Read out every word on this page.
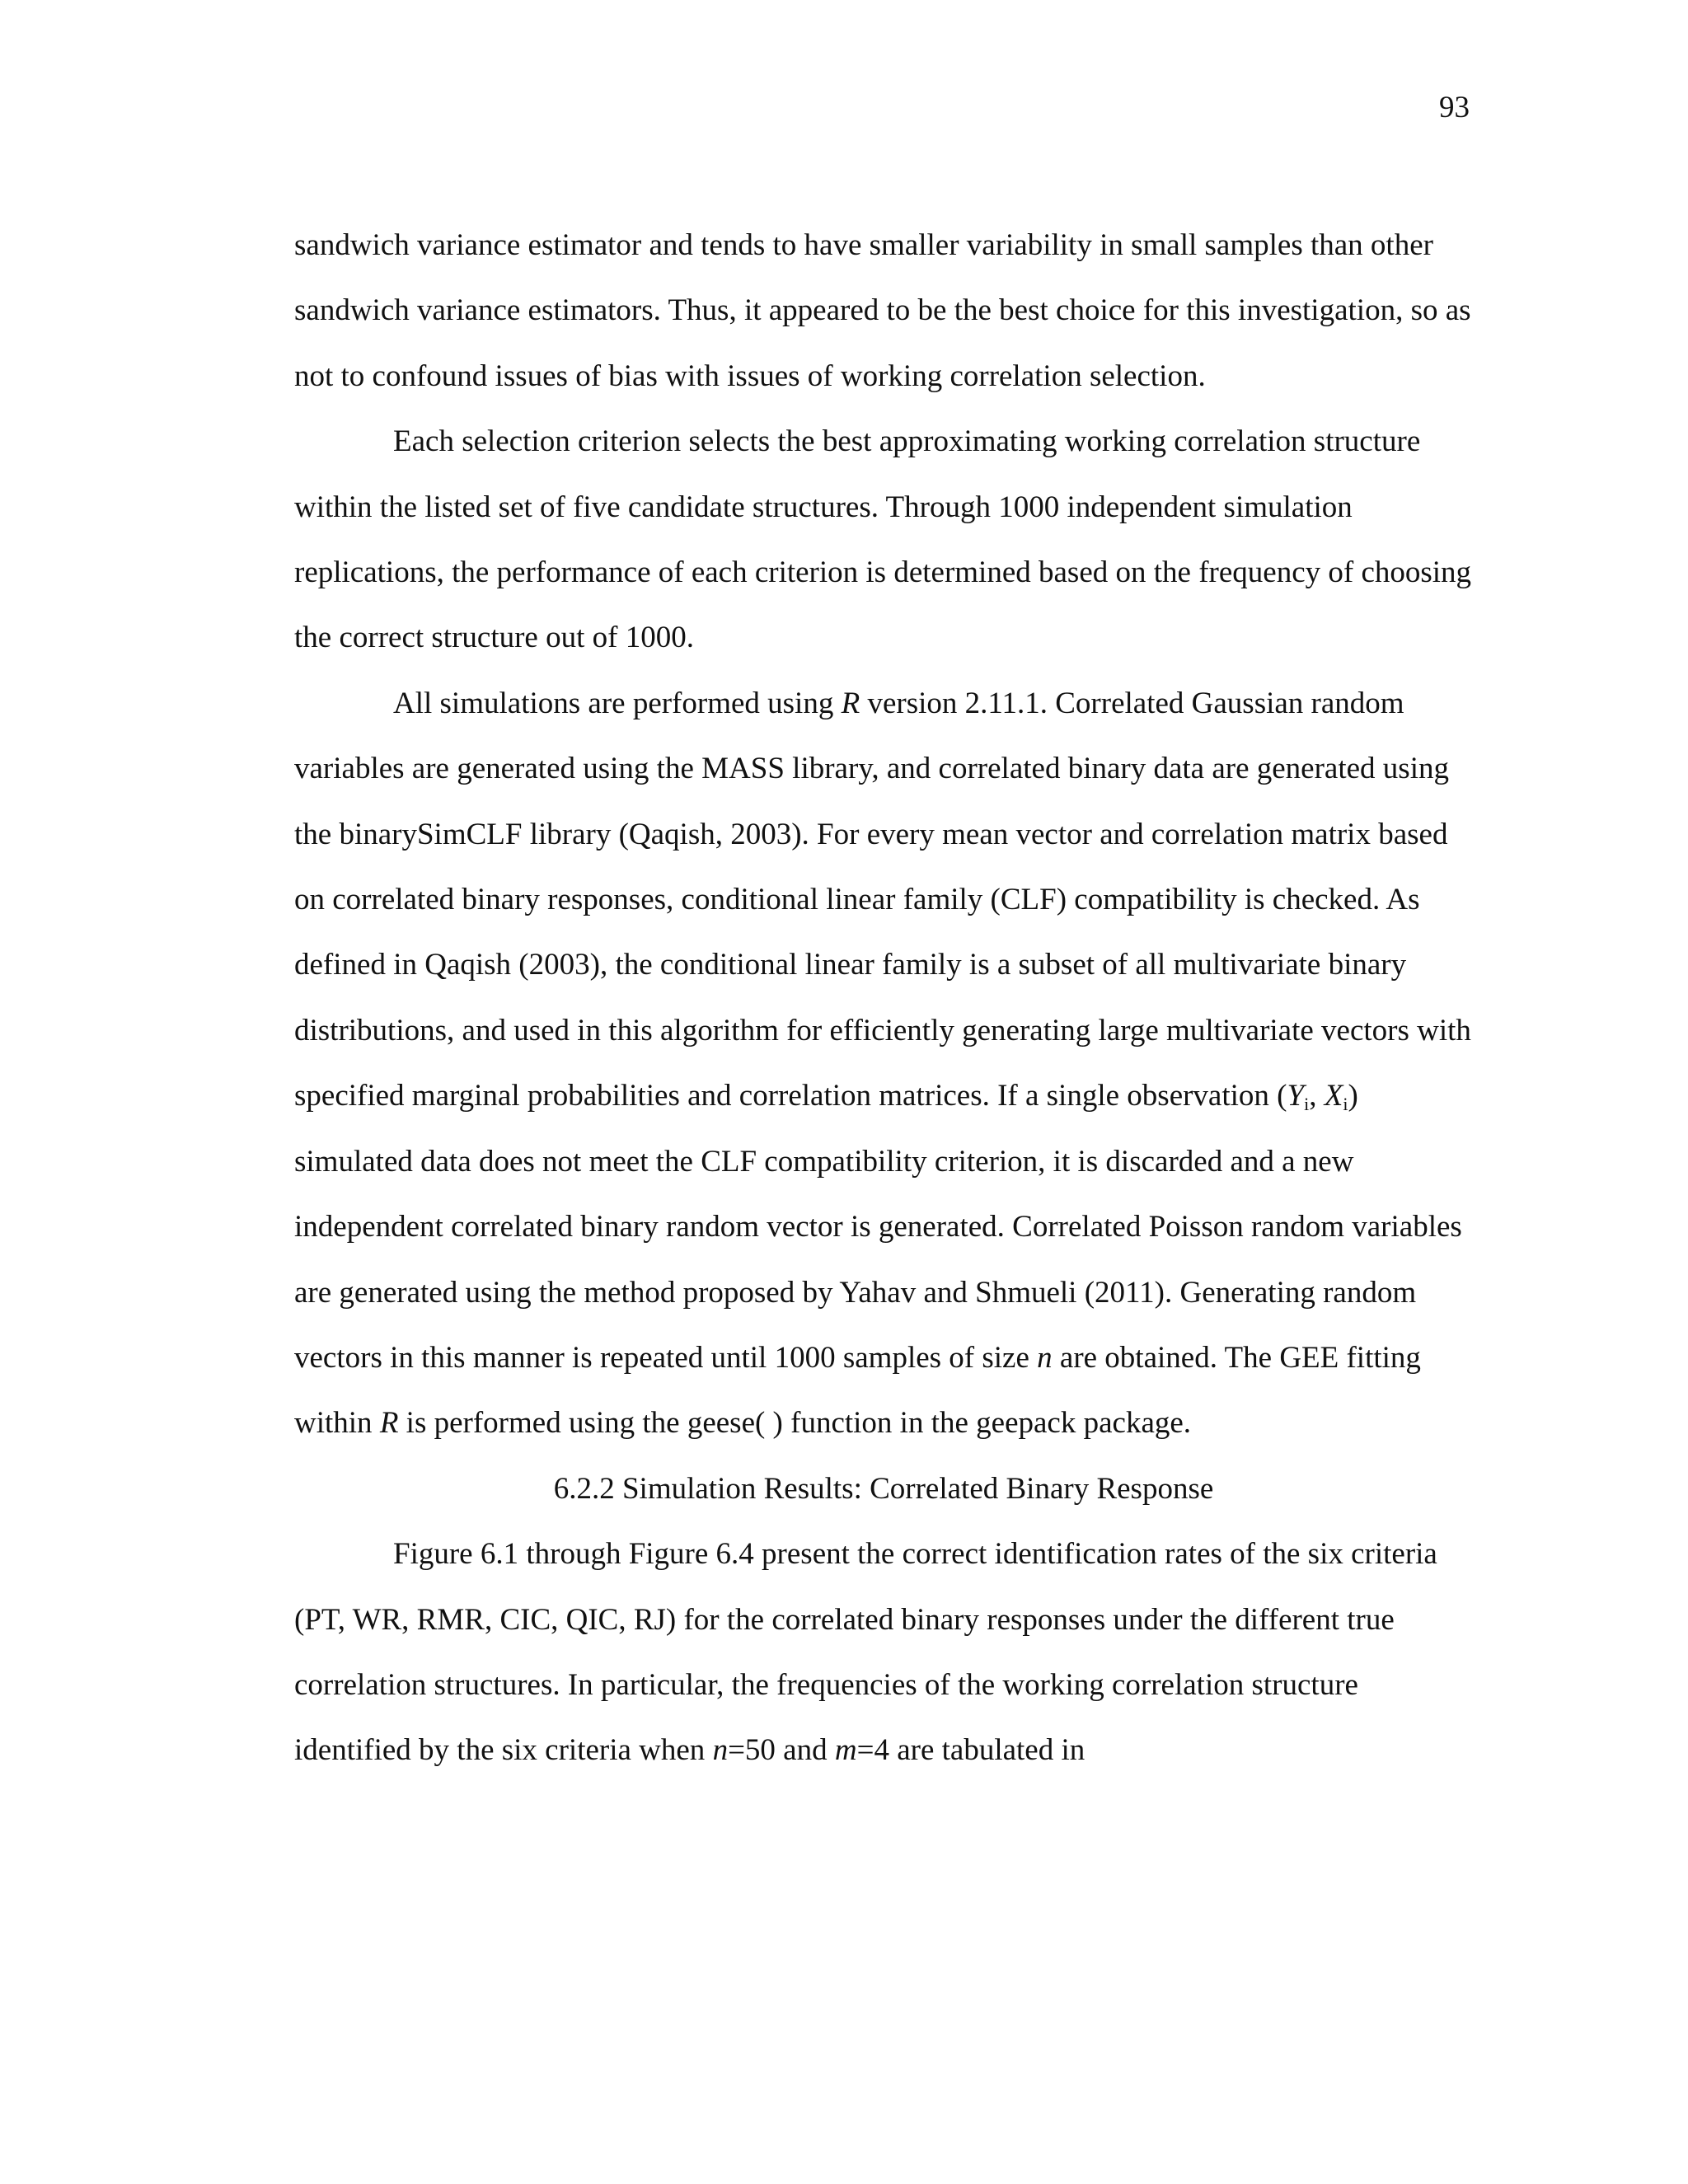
93

sandwich variance estimator and tends to have smaller variability in small samples than other sandwich variance estimators. Thus, it appeared to be the best choice for this investigation, so as not to confound issues of bias with issues of working correlation selection.

Each selection criterion selects the best approximating working correlation structure within the listed set of five candidate structures. Through 1000 independent simulation replications, the performance of each criterion is determined based on the frequency of choosing the correct structure out of 1000.

All simulations are performed using R version 2.11.1. Correlated Gaussian random variables are generated using the MASS library, and correlated binary data are generated using the binarySimCLF library (Qaqish, 2003). For every mean vector and correlation matrix based on correlated binary responses, conditional linear family (CLF) compatibility is checked. As defined in Qaqish (2003), the conditional linear family is a subset of all multivariate binary distributions, and used in this algorithm for efficiently generating large multivariate vectors with specified marginal probabilities and correlation matrices. If a single observation ($Y_i$, $X_i$) simulated data does not meet the CLF compatibility criterion, it is discarded and a new independent correlated binary random vector is generated. Correlated Poisson random variables are generated using the method proposed by Yahav and Shmueli (2011). Generating random vectors in this manner is repeated until 1000 samples of size n are obtained. The GEE fitting within R is performed using the geese( ) function in the geepack package.

6.2.2 Simulation Results: Correlated Binary Response

Figure 6.1 through Figure 6.4 present the correct identification rates of the six criteria (PT, WR, RMR, CIC, QIC, RJ) for the correlated binary responses under the different true correlation structures. In particular, the frequencies of the working correlation structure identified by the six criteria when n=50 and m=4 are tabulated in
